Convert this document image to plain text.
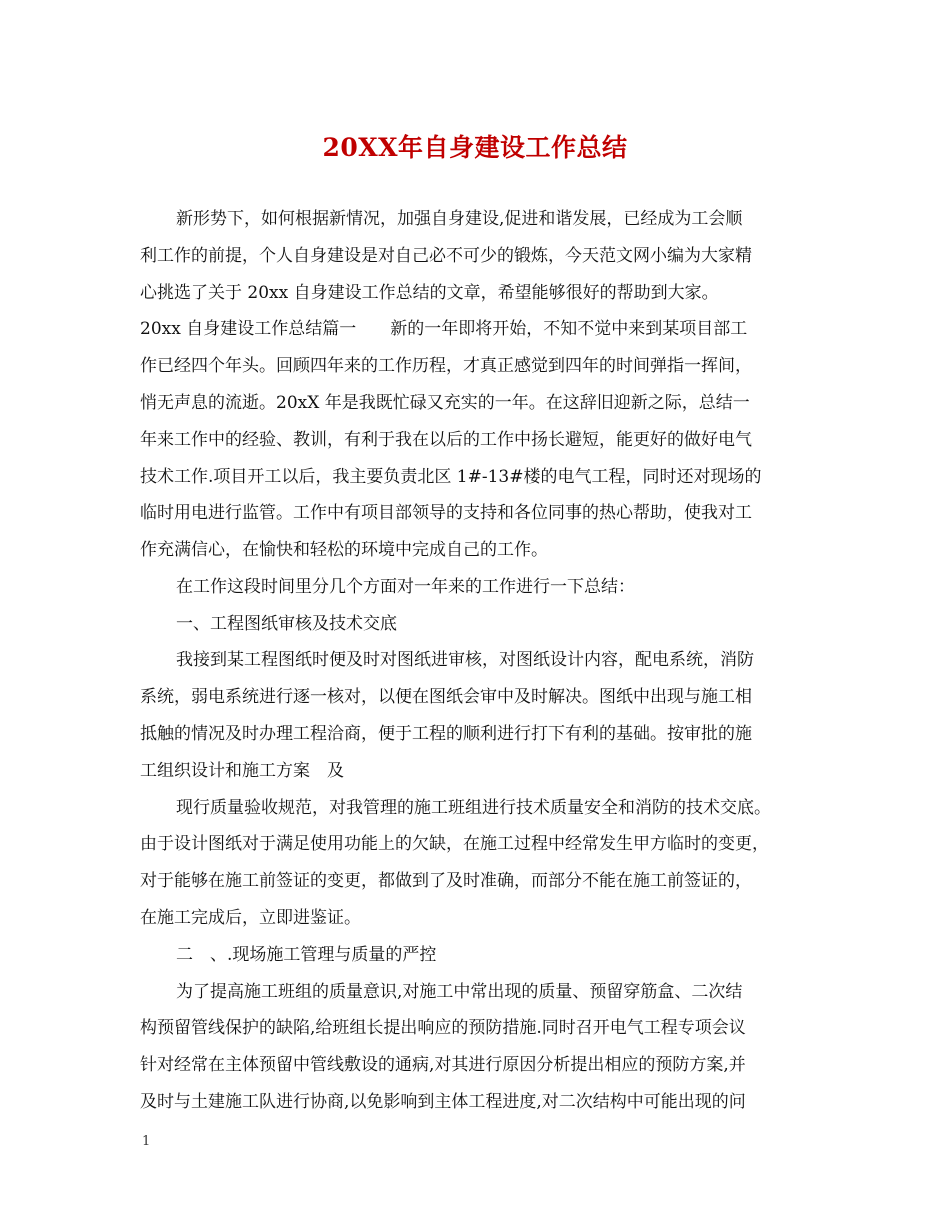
20XX年自身建设工作总结
新形势下，如何根据新情况，加强自身建设,促进和谐发展，已经成为工会顺
利工作的前提，个人自身建设是对自己必不可少的锻炼，今天范文网小编为大家精
心挑选了关于 20xx 自身建设工作总结的文章，希望能够很好的帮助到大家。
20xx 自身建设工作总结篇一　　新的一年即将开始，不知不觉中来到某项目部工
作已经四个年头。回顾四年来的工作历程，才真正感觉到四年的时间弹指一挥间，
悄无声息的流逝。20xX 年是我既忙碌又充实的一年。在这辞旧迎新之际，总结一
年来工作中的经验、教训，有利于我在以后的工作中扬长避短，能更好的做好电气
技术工作.项目开工以后，我主要负责北区 1#-13#楼的电气工程，同时还对现场的
临时用电进行监管。工作中有项目部领导的支持和各位同事的热心帮助，使我对工
作充满信心，在愉快和轻松的环境中完成自己的工作。
在工作这段时间里分几个方面对一年来的工作进行一下总结：
一、工程图纸审核及技术交底
我接到某工程图纸时便及时对图纸进审核，对图纸设计内容，配电系统，消防
系统，弱电系统进行逐一核对，以便在图纸会审中及时解决。图纸中出现与施工相
抵触的情况及时办理工程洽商，便于工程的顺利进行打下有利的基础。按审批的施
工组织设计和施工方案　及
现行质量验收规范，对我管理的施工班组进行技术质量安全和消防的技术交底。
由于设计图纸对于满足使用功能上的欠缺，在施工过程中经常发生甲方临时的变更，
对于能够在施工前签证的变更，都做到了及时准确，而部分不能在施工前签证的，
在施工完成后，立即进鉴证。
二　、.现场施工管理与质量的严控
为了提高施工班组的质量意识,对施工中常出现的质量、预留穿筋盒、二次结
构预留管线保护的缺陷,给班组长提出响应的预防措施.同时召开电气工程专项会议
针对经常在主体预留中管线敷设的通病,对其进行原因分析提出相应的预防方案,并
及时与土建施工队进行协商,以免影响到主体工程进度,对二次结构中可能出现的问
1
